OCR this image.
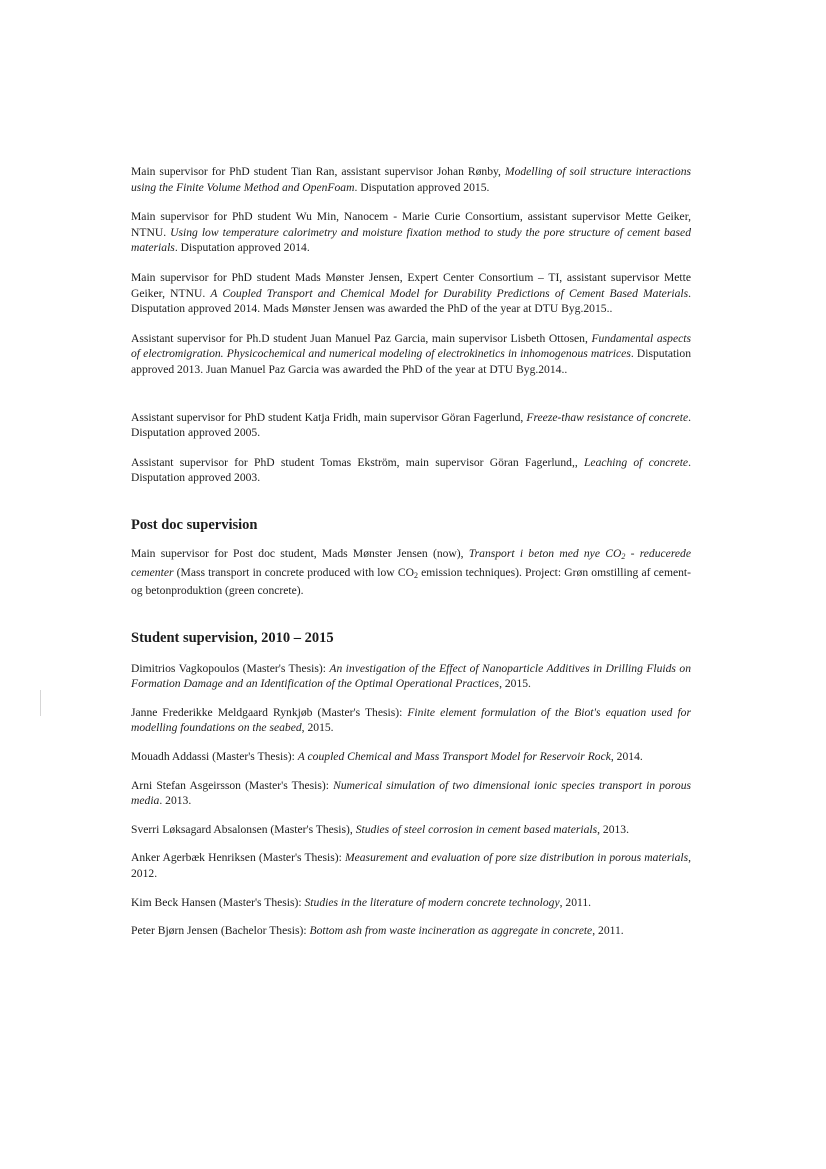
Main supervisor for PhD student Tian Ran, assistant supervisor Johan Rønby, Modelling of soil structure interactions using the Finite Volume Method and OpenFoam. Disputation approved 2015.

Main supervisor for PhD student Wu Min, Nanocem - Marie Curie Consortium, assistant supervisor Mette Geiker, NTNU. Using low temperature calorimetry and moisture fixation method to study the pore structure of cement based materials. Disputation approved 2014.

Main supervisor for PhD student Mads Mønster Jensen, Expert Center Consortium – TI, assistant supervisor Mette Geiker, NTNU. A Coupled Transport and Chemical Model for Durability Predictions of Cement Based Materials. Disputation approved 2014. Mads Mønster Jensen was awarded the PhD of the year at DTU Byg.2015..

Assistant supervisor for Ph.D student Juan Manuel Paz Garcia, main supervisor Lisbeth Ottosen, Fundamental aspects of electromigration. Physicochemical and numerical modeling of electrokinetics in inhomogenous matrices. Disputation approved 2013. Juan Manuel Paz Garcia was awarded the PhD of the year at DTU Byg.2014..

Assistant supervisor for PhD student Katja Fridh, main supervisor Göran Fagerlund, Freeze-thaw resistance of concrete. Disputation approved 2005.

Assistant supervisor for PhD student Tomas Ekström, main supervisor Göran Fagerlund,, Leaching of concrete. Disputation approved 2003.

Post doc supervision

Main supervisor for Post doc student, Mads Mønster Jensen (now), Transport i beton med nye $CO_2$ - reducerede cementer (Mass transport in concrete produced with low $CO_2$ emission techniques). Project: Grøn omstilling af cement- og betonproduktion (green concrete).

Student supervision, 2010 – 2015

Dimitrios Vagkopoulos (Master's Thesis): An investigation of the Effect of Nanoparticle Additives in Drilling Fluids on Formation Damage and an Identification of the Optimal Operational Practices, 2015.

Janne Frederikke Meldgaard Rynkjøb (Master's Thesis): Finite element formulation of the Biot's equation used for modelling foundations on the seabed, 2015.

Mouadh Addassi (Master's Thesis): A coupled Chemical and Mass Transport Model for Reservoir Rock, 2014.

Arni Stefan Asgeirsson (Master's Thesis): Numerical simulation of two dimensional ionic species transport in porous media. 2013.

Sverri Løksagard Absalonsen (Master's Thesis), Studies of steel corrosion in cement based materials, 2013.

Anker Agerbæk Henriksen (Master's Thesis): Measurement and evaluation of pore size distribution in porous materials, 2012.

Kim Beck Hansen (Master's Thesis): Studies in the literature of modern concrete technology, 2011.

Peter Bjørn Jensen (Bachelor Thesis): Bottom ash from waste incineration as aggregate in concrete, 2011.
